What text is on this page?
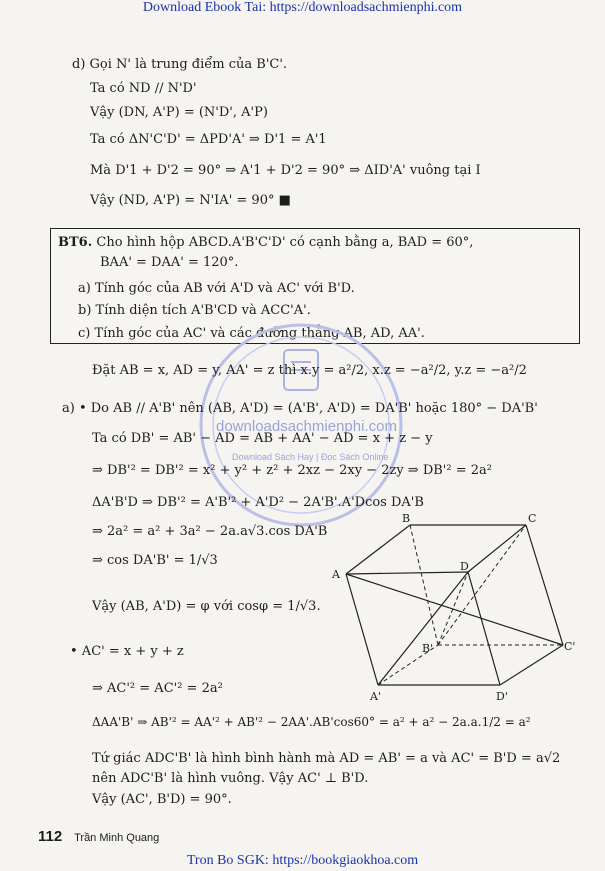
Download Ebook Tai: https://downloadsachmienphi.com
d) Gọi N' là trung điểm của B'C'.
Ta có ND // N'D'
Vậy (DN, A'P) = (N'D', A'P)
Ta có ΔN'C'D' = ΔPD'A' ⇒ D'1 = A'1
Mà D'1 + D'2 = 90° ⇒ A'1 + D'2 = 90° ⇒ ΔID'A' vuông tại I
Vậy (ND, A'P) = N'IA' = 90° ■
BT6. Cho hình hộp ABCD.A'B'C'D' có cạnh bằng a, BAD = 60°,
BAA' = DAA' = 120°.
a) Tính góc của AB với A'D và AC' với B'D.
b) Tính diện tích A'B'CD và ACC'A'.
c) Tính góc của AC' và các đường thẳng AB, AD, AA'.
downloadsachmienphi.com
Download Sách Hay | Đọc Sách Online
Đặt AB = x, AD = y, AA' = z thì x.y = a²/2, x.z = −a²/2, y.z = −a²/2
a) • Do AB // A'B' nên (AB, A'D) = (A'B', A'D) = DA'B' hoặc 180° − DA'B'
Ta có DB' = AB' − AD = AB + AA' − AD = x + z − y
⇒ DB'² = DB'² = x² + y² + z² + 2xz − 2xy − 2zy ⇒ DB'² = 2a²
ΔA'B'D ⇒ DB'² = A'B'² + A'D² − 2A'B'.A'Dcos DA'B
⇒ 2a² = a² + 3a² − 2a.a√3.cos DA'B
⇒ cos DA'B' = 1/√3
Vậy (AB, A'D) = φ với cosφ = 1/√3.
• AC' = x + y + z
⇒ AC'² = AC'² = 2a²
ΔAA'B' ⇒ AB'² = AA'² + AB'² − 2AA'.AB'cos60° = a² + a² − 2a.a.1/2 = a²
Tứ giác ADC'B' là hình bình hành mà AD = AB' = a và AC' = B'D = a√2
nên ADC'B' là hình vuông. Vậy AC' ⊥ B'D.
Vậy (AC', B'D) = 90°.
B	C
A
D
B'	C'
A'	D'
112 Trần Minh Quang
Tron Bo SGK: https://bookgiaokhoa.com
